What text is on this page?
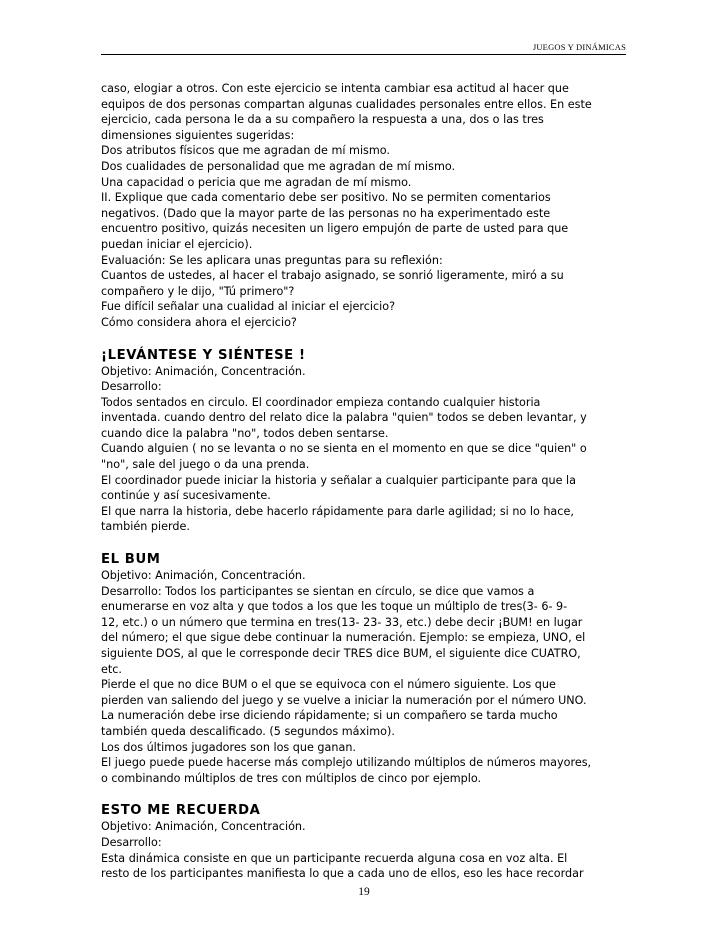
JUEGOS Y DINÁMICAS
caso, elogiar a otros. Con este ejercicio se intenta cambiar esa actitud al hacer que
equipos de dos personas compartan algunas cualidades personales entre ellos. En este
ejercicio, cada persona le da a su compañero la respuesta a una, dos o las tres
dimensiones siguientes sugeridas:
Dos atributos físicos que me agradan de mí mismo.
Dos cualidades de personalidad que me agradan de mí mismo.
Una capacidad o pericia que me agradan de mí mismo.
II. Explique que cada comentario debe ser positivo. No se permiten comentarios
negativos. (Dado que la mayor parte de las personas no ha experimentado este
encuentro positivo, quizás necesiten un ligero empujón de parte de usted para que
puedan iniciar el ejercicio).
Evaluación: Se les aplicara unas preguntas para su reflexión:
Cuantos de ustedes, al hacer el trabajo asignado, se sonrió ligeramente, miró a su
compañero y le dijo, "Tú primero"?
Fue difícil señalar una cualidad al iniciar el ejercicio?
Cómo considera ahora el ejercicio?
¡LEVÁNTESE Y SIÉNTESE !
Objetivo: Animación, Concentración.
Desarrollo:
Todos sentados en circulo. El coordinador empieza contando cualquier historia
inventada. cuando dentro del relato dice la palabra "quien" todos se deben levantar, y
cuando dice la palabra "no", todos deben sentarse.
Cuando alguien ( no se levanta o no se sienta en el momento en que se dice "quien" o
"no", sale del juego o da una prenda.
El coordinador puede iniciar la historia y señalar a cualquier participante para que la
continúe y así sucesivamente.
El que narra la historia, debe hacerlo rápidamente para darle agilidad; si no lo hace,
también pierde.
EL BUM
Objetivo: Animación, Concentración.
Desarrollo: Todos los participantes se sientan en círculo, se dice que vamos a
enumerarse en voz alta y que todos a los que les toque un múltiplo de tres(3- 6- 9-
12, etc.) o un número que termina en tres(13- 23- 33, etc.) debe decir ¡BUM! en lugar
del número; el que sigue debe continuar la numeración. Ejemplo: se empieza, UNO, el
siguiente DOS, al que le corresponde decir TRES dice BUM, el siguiente dice CUATRO,
etc.
Pierde el que no dice BUM o el que se equivoca con el número siguiente. Los que
pierden van saliendo del juego y se vuelve a iniciar la numeración por el número UNO.
La numeración debe irse diciendo rápidamente; si un compañero se tarda mucho
también queda descalificado. (5 segundos máximo).
Los dos últimos jugadores son los que ganan.
El juego puede puede hacerse más complejo utilizando múltiplos de números mayores,
o combinando múltiplos de tres con múltiplos de cinco por ejemplo.
ESTO ME RECUERDA
Objetivo: Animación, Concentración.
Desarrollo:
Esta dinámica consiste en que un participante recuerda alguna cosa en voz alta. El
resto de los participantes manifiesta lo que a cada uno de ellos, eso les hace recordar
19
